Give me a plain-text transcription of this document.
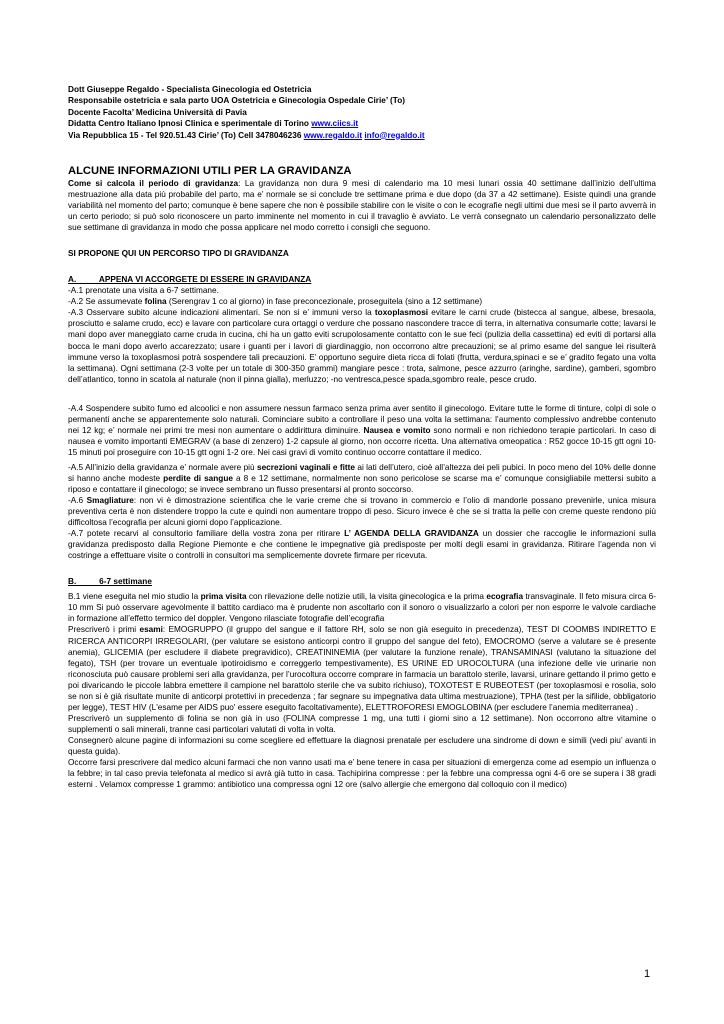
Dott Giuseppe Regaldo - Specialista Ginecologia ed Ostetricia
Responsabile ostetricia e sala parto UOA Ostetricia e Ginecologia Ospedale Cirie’ (To)
Docente Facolta’ Medicina Università di Pavia
Didatta Centro Italiano Ipnosi Clinica e sperimentale di Torino www.ciics.it
Via Repubblica 15 - Tel 920.51.43 Cirie’ (To) Cell 3478046236 www.regaldo.it info@regaldo.it
ALCUNE INFORMAZIONI UTILI PER LA GRAVIDANZA

Come si calcola il periodo di gravidanza: La gravidanza non dura 9 mesi di calendario ma 10 mesi lunari ossia 40 settimane dall’inizio dell’ultima mestruazione alla data più probabile del parto, ma e’ normale se si conclude tre settimane prima e due dopo (da 37 a 42 settimane). Esiste quindi una grande variabilità nel momento del parto; comunque è bene sapere che non è possibile stabilire con le visite o con le ecografie negli ultimi due mesi se il parto avverrà in un certo periodo; si può solo riconoscere un parto imminente nel momento in cui il travaglio è avviato. Le verrà consegnato un calendario personalizzato delle sue settimane di gravidanza in modo che possa applicare nel modo corretto i consigli che seguono.

SI PROPONE QUI UN PERCORSO TIPO DI GRAVIDANZA
A.          APPENA VI ACCORGETE DI ESSERE IN GRAVIDANZA

-A.1 prenotate una visita a 6-7 settimane.

-A.2 Se assumevate folina (Serengrav 1 co al giorno) in fase preconcezionale, proseguitela (sino a 12 settimane)

-A.3 Osservare subito alcune indicazioni alimentari. Se non si e’ immuni verso la toxoplasmosi evitare le carni crude (bistecca al sangue, albese, bresaola, prosciutto e salame crudo, ecc) e lavare con particolare cura ortaggi o verdure che possano nascondere tracce di terra, in alternativa consumarle cotte; lavarsi le mani dopo aver maneggiato carne cruda in cucina, chi ha un gatto eviti scrupolosamente contatto con le sue feci (pulizia della cassettina) ed eviti di portarsi alla bocca le mani dopo averlo accarezzato; usare i guanti per i lavori di giardinaggio, non occorrono altre precauzioni; se al primo esame del sangue lei risulterà immune verso la toxoplasmosi potrà sospendere tali precauzioni. E’ opportuno seguire dieta ricca di folati (frutta, verdura,spinaci e se e’ gradito fegato una volta la settimana). Ogni settimana (2-3 volte per un totale di 300-350 grammi) mangiare pesce : trota, salmone, pesce azzurro (aringhe, sardine), gamberi, sgombro dell’atlantico, tonno in scatola al naturale (non il pinna gialla), merluzzo; -no ventresca,pesce spada,sgombro reale, pesce crudo.

-A.4 Sospendere subito fumo ed alcoolici e non assumere nessun farmaco senza prima aver sentito il ginecologo. Evitare tutte le forme di tinture, colpi di sole o permanenti anche se apparentemente solo naturali. Cominciare subito a controllare il peso una volta la settimana: l’aumento complessivo andrebbe contenuto nei 12 kg; e’ normale nei primi tre mesi non aumentare o addirittura diminuire. Nausea e vomito sono normali e non richiedono terapie particolari. In caso di nausea e vomito importanti EMEGRAV (a base di zenzero) 1-2 capsule al giorno, non occorre ricetta. Una alternativa omeopatica : R52 gocce 10-15 gtt ogni 10-15 minuti poi proseguire con 10-15 gtt ogni 1-2 ore. Nei casi gravi di vomito continuo occorre contattare il medico.

-A.5 All’inizio della gravidanza e’ normale avere più secrezioni vaginali e fitte ai lati dell’utero, cioè all’altezza dei peli pubici. In poco meno del 10% delle donne si hanno anche modeste perdite di sangue a 8 e 12 settimane, normalmente non sono pericolose se scarse ma e’ comunque consigliabile mettersi subito a riposo e contattare il ginecologo; se invece sembrano un flusso presentarsi al pronto soccorso.

-A.6 Smagliature: non vi è dimostrazione scientifica che le varie creme che si trovano in commercio e l’olio di mandorle possano prevenirle, unica misura preventiva certa è non distendere troppo la cute e quindi non aumentare troppo di peso. Sicuro invece è che se si tratta la pelle con creme queste rendono più difficoltosa l’ecografia per alcuni giorni dopo l’applicazione.

-A.7 potete recarvi al consultorio familiare della vostra zona per ritirare L’ AGENDA DELLA GRAVIDANZA un dossier che raccoglie le informazioni sulla gravidanza predisposto dalla Regione Piemonte e che contiene le impegnative già predisposte per molti degli esami in gravidanza. Ritirare l’agenda non vi costringe a effettuare visite o controlli in consultori ma semplicemente dovrete firmare per ricevuta.

B.          6-7 settimane

B.1 viene eseguita nel mio studio la prima visita con rilevazione delle notizie utili, la visita ginecologica e la prima ecografia transvaginale. Il feto misura circa 6-10 mm Si può osservare agevolmente il battito cardiaco ma è prudente non ascoltarlo con il sonoro o visualizzarlo a colori per non esporre le valvole cardiache in formazione all’effetto termico del doppler. Vengono rilasciate fotografie dell’ecografia

Prescriverò i primi esami: EMOGRUPPO (il gruppo del sangue e il fattore RH, solo se non già eseguito in precedenza), TEST DI COOMBS INDIRETTO E RICERCA ANTICORPI IRREGOLARI, (per valutare se esistono anticorpi contro il gruppo del sangue del feto), EMOCROMO (serve a valutare se è presente anemia), GLICEMIA (per escludere il diabete pregravidico), CREATININEMIA (per valutare la funzione renale), TRANSAMINASI (valutano la situazione del fegato), TSH (per trovare un eventuale ipotiroidismo e correggerlo tempestivamente), ES URINE ED UROCOLTURA (una infezione delle vie urinarie non riconosciuta può causare problemi seri alla gravidanza, per l’urocoltura occorre comprare in farmacia un barattolo sterile, lavarsi, urinare gettando il primo getto e poi divaricando le piccole labbra emettere il campione nel barattolo sterile che va subito richiuso), TOXOTEST E RUBEOTEST (per toxoplasmosi e rosolia, solo se non si è già risultate munite di anticorpi protettivi in precedenza ; far segnare su impegnativa data ultima mestruazione), TPHA (test per la sifilide, obbligatorio per legge), TEST HIV (L'esame per AIDS puo' essere eseguito facoltativamente), ELETTROFORESI EMOGLOBINA (per escludere l’anemia mediterranea) .

Prescriverò un supplemento di folina se non già in uso (FOLINA compresse 1 mg, una tutti i giorni sino a 12 settimane). Non occorrono altre vitamine o supplementi o sali minerali, tranne casi particolari valutati di volta in volta.

Consegnerò alcune pagine di informazioni su come scegliere ed effettuare la diagnosi prenatale per escludere una sindrome di down e simili (vedi piu’ avanti in questa guida).

Occorre farsi prescrivere dal medico alcuni farmaci che non vanno usati ma e’ bene tenere in casa per situazioni di emergenza come ad esempio un influenza o la febbre; in tal caso previa telefonata al medico si avrà già tutto in casa. Tachipirina compresse : per la febbre una compressa ogni 4-6 ore se supera i 38 gradi esterni . Velamox compresse 1 grammo: antibiotico una compressa ogni 12 ore (salvo allergie che emergono dal colloquio con il medico)

1
